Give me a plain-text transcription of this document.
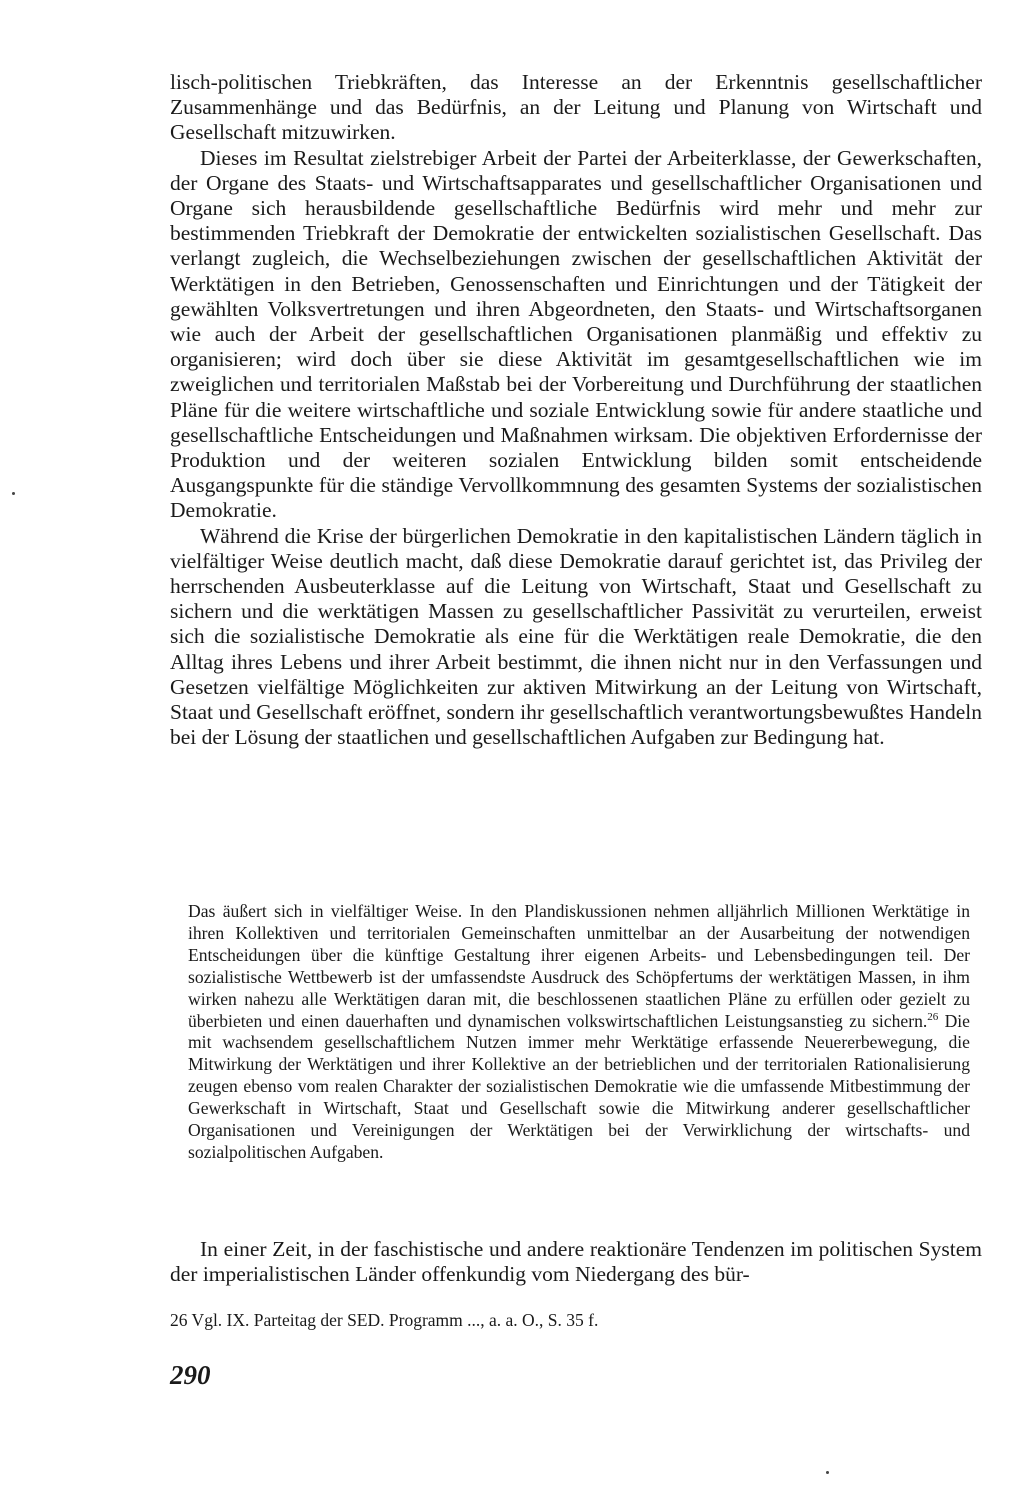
lisch-politischen Triebkräften, das Interesse an der Erkenntnis gesellschaftlicher Zusammenhänge und das Bedürfnis, an der Leitung und Planung von Wirtschaft und Gesellschaft mitzuwirken.

Dieses im Resultat zielstrebiger Arbeit der Partei der Arbeiterklasse, der Gewerkschaften, der Organe des Staats- und Wirtschaftsapparates und gesellschaftlicher Organisationen und Organe sich herausbildende gesellschaftliche Bedürfnis wird mehr und mehr zur bestimmenden Triebkraft der Demokratie der entwickelten sozialistischen Gesellschaft. Das verlangt zugleich, die Wechselbeziehungen zwischen der gesellschaftlichen Aktivität der Werktätigen in den Betrieben, Genossenschaften und Einrichtungen und der Tätigkeit der gewählten Volksvertretungen und ihren Abgeordneten, den Staats- und Wirtschaftsorganen wie auch der Arbeit der gesellschaftlichen Organisationen planmäßig und effektiv zu organisieren; wird doch über sie diese Aktivität im gesamtgesellschaftlichen wie im zweiglichen und territorialen Maßstab bei der Vorbereitung und Durchführung der staatlichen Pläne für die weitere wirtschaftliche und soziale Entwicklung sowie für andere staatliche und gesellschaftliche Entscheidungen und Maßnahmen wirksam. Die objektiven Erfordernisse der Produktion und der weiteren sozialen Entwicklung bilden somit entscheidende Ausgangspunkte für die ständige Vervollkommnung des gesamten Systems der sozialistischen Demokratie.

Während die Krise der bürgerlichen Demokratie in den kapitalistischen Ländern täglich in vielfältiger Weise deutlich macht, daß diese Demokratie darauf gerichtet ist, das Privileg der herrschenden Ausbeuterklasse auf die Leitung von Wirtschaft, Staat und Gesellschaft zu sichern und die werktätigen Massen zu gesellschaftlicher Passivität zu verurteilen, erweist sich die sozialistische Demokratie als eine für die Werktätigen reale Demokratie, die den Alltag ihres Lebens und ihrer Arbeit bestimmt, die ihnen nicht nur in den Verfassungen und Gesetzen vielfältige Möglichkeiten zur aktiven Mitwirkung an der Leitung von Wirtschaft, Staat und Gesellschaft eröffnet, sondern ihr gesellschaftlich verantwortungsbewußtes Handeln bei der Lösung der staatlichen und gesellschaftlichen Aufgaben zur Bedingung hat.

Das äußert sich in vielfältiger Weise. In den Plandiskussionen nehmen alljährlich Millionen Werktätige in ihren Kollektiven und territorialen Gemeinschaften unmittelbar an der Ausarbeitung der notwendigen Entscheidungen über die künftige Gestaltung ihrer eigenen Arbeits- und Lebensbedingungen teil. Der sozialistische Wettbewerb ist der umfassendste Ausdruck des Schöpfertums der werktätigen Massen, in ihm wirken nahezu alle Werktätigen daran mit, die beschlossenen staatlichen Pläne zu erfüllen oder gezielt zu überbieten und einen dauerhaften und dynamischen volkswirtschaftlichen Leistungsanstieg zu sichern.$^{26}$ Die mit wachsendem gesellschaftlichem Nutzen immer mehr Werktätige erfassende Neuererbewegung, die Mitwirkung der Werktätigen und ihrer Kollektive an der betrieblichen und der territorialen Rationalisierung zeugen ebenso vom realen Charakter der sozialistischen Demokratie wie die umfassende Mitbestimmung der Gewerkschaft in Wirtschaft, Staat und Gesellschaft sowie die Mitwirkung anderer gesellschaftlicher Organisationen und Vereinigungen der Werktätigen bei der Verwirklichung der wirtschafts- und sozialpolitischen Aufgaben.

In einer Zeit, in der faschistische und andere reaktionäre Tendenzen im politischen System der imperialistischen Länder offenkundig vom Niedergang des bür-

26 Vgl. IX. Parteitag der SED. Programm ..., a. a. O., S. 35 f.
290
